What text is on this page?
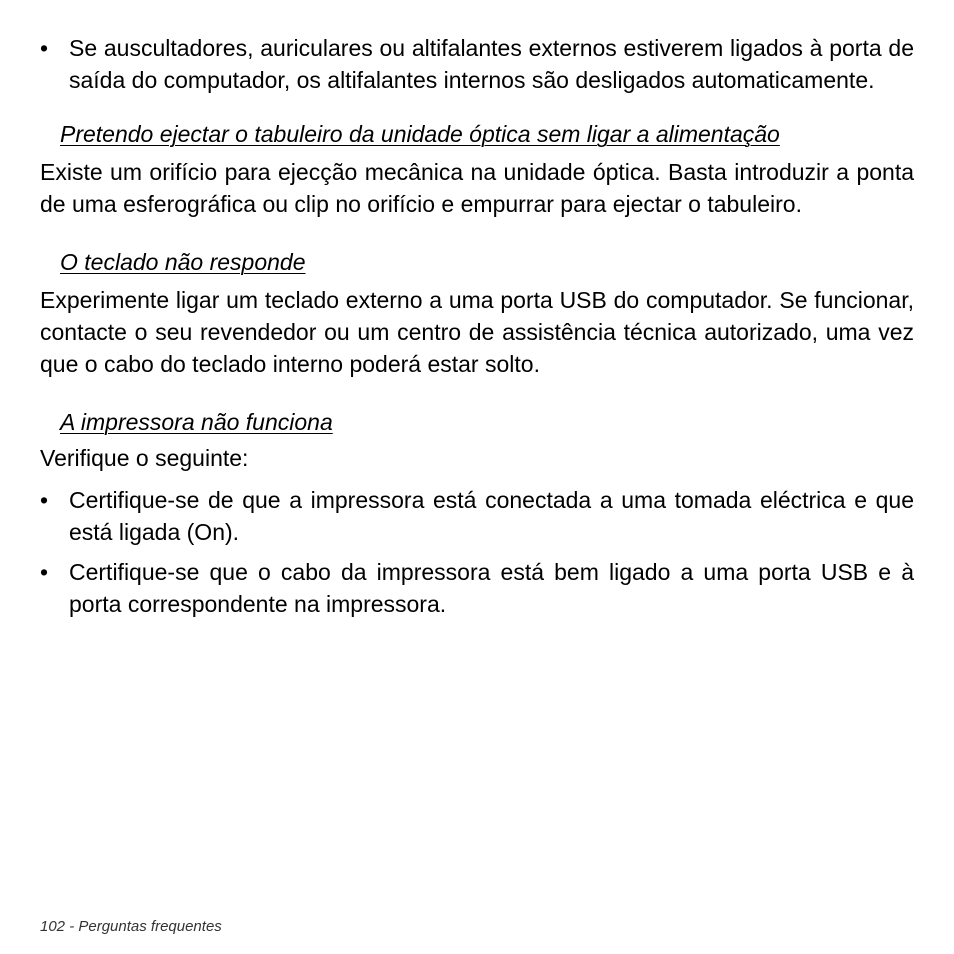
• Se auscultadores, auriculares ou altifalantes externos estiverem ligados à porta de saída do computador, os altifalantes internos são desligados automaticamente.
Pretendo ejectar o tabuleiro da unidade óptica sem ligar a alimentação
Existe um orifício para ejecção mecânica na unidade óptica. Basta introduzir a ponta de uma esferográfica ou clip no orifício e empurrar para ejectar o tabuleiro.
O teclado não responde
Experimente ligar um teclado externo a uma porta USB do computador. Se funcionar, contacte o seu revendedor ou um centro de assistência técnica autorizado, uma vez que o cabo do teclado interno poderá estar solto.
A impressora não funciona
Verifique o seguinte:
• Certifique-se de que a impressora está conectada a uma tomada eléctrica e que está ligada (On).
• Certifique-se que o cabo da impressora está bem ligado a uma porta USB e à porta correspondente na impressora.
102 - Perguntas frequentes
